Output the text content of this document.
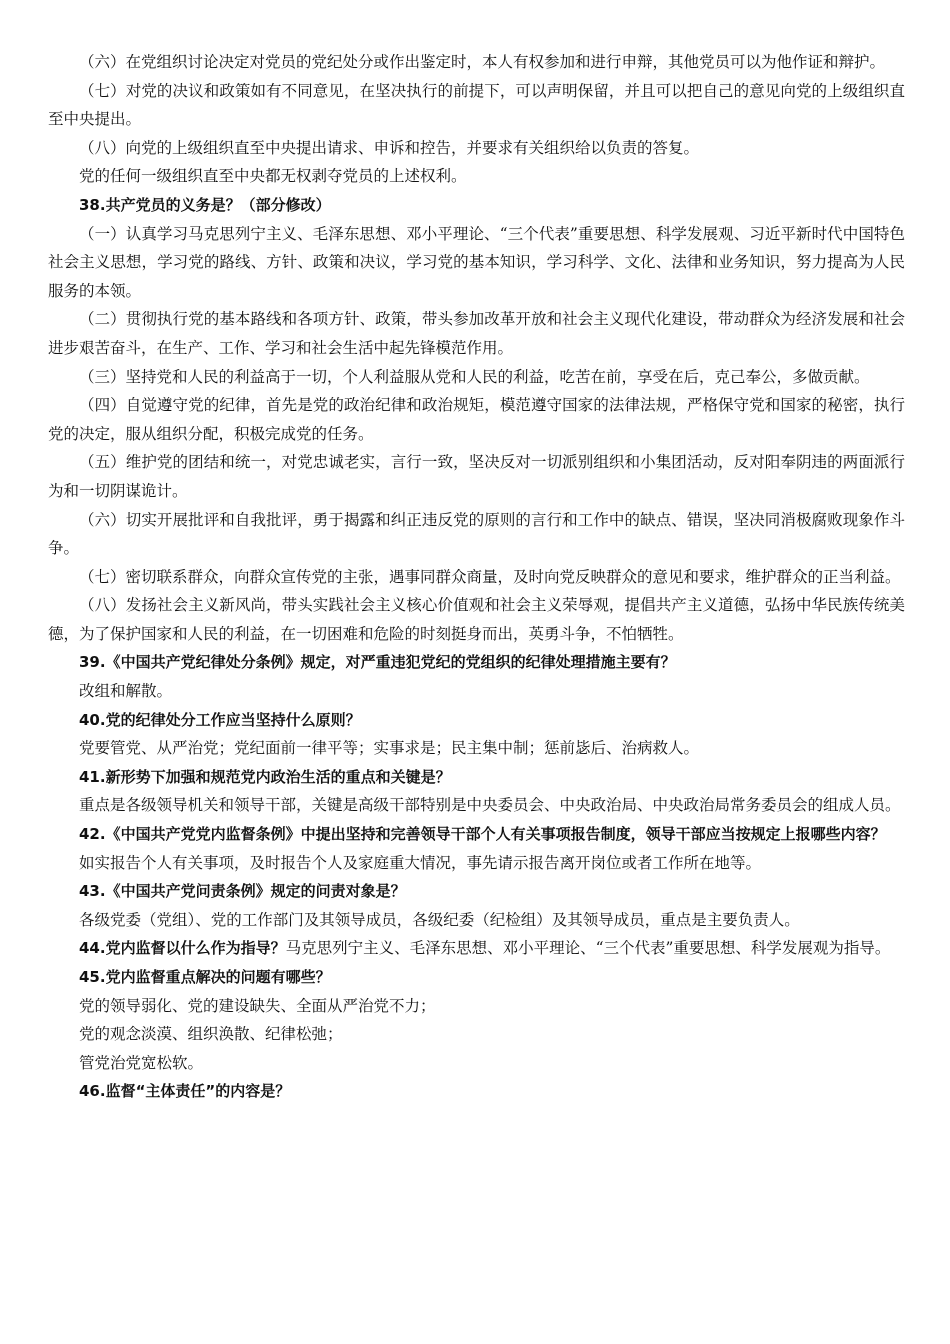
（六）在党组织讨论决定对党员的党纪处分或作出鉴定时，本人有权参加和进行申辩，其他党员可以为他作证和辩护。

（七）对党的决议和政策如有不同意见，在坚决执行的前提下，可以声明保留，并且可以把自己的意见向党的上级组织直至中央提出。

（八）向党的上级组织直至中央提出请求、申诉和控告，并要求有关组织给以负责的答复。

党的任何一级组织直至中央都无权剥夺党员的上述权利。

38.共产党员的义务是？（部分修改）

（一）认真学习马克思列宁主义、毛泽东思想、邓小平理论、“三个代表”重要思想、科学发展观、习近平新时代中国特色社会主义思想，学习党的路线、方针、政策和决议，学习党的基本知识，学习科学、文化、法律和业务知识，努力提高为人民服务的本领。

（二）贯彻执行党的基本路线和各项方针、政策，带头参加改革开放和社会主义现代化建设，带动群众为经济发展和社会进步艰苦奋斗，在生产、工作、学习和社会生活中起先锋模范作用。

（三）坚持党和人民的利益高于一切，个人利益服从党和人民的利益，吃苦在前，享受在后，克己奉公，多做贡献。

（四）自觉遵守党的纪律，首先是党的政治纪律和政治规矩，模范遵守国家的法律法规，严格保守党和国家的秘密，执行党的决定，服从组织分配，积极完成党的任务。

（五）维护党的团结和统一，对党忠诚老实，言行一致，坚决反对一切派别组织和小集团活动，反对阳奉阴违的两面派行为和一切阴谋诡计。

（六）切实开展批评和自我批评，勇于揭露和纠正违反党的原则的言行和工作中的缺点、错误，坚决同消极腐败现象作斗争。

（七）密切联系群众，向群众宣传党的主张，遇事同群众商量，及时向党反映群众的意见和要求，维护群众的正当利益。

（八）发扬社会主义新风尚，带头实践社会主义核心价值观和社会主义荣辱观，提倡共产主义道德，弘扬中华民族传统美德，为了保护国家和人民的利益，在一切困难和危险的时刻挺身而出，英勇斗争，不怕牺牲。

39.《中国共产党纪律处分条例》规定，对严重违犯党纪的党组织的纪律处理措施主要有？

改组和解散。

40.党的纪律处分工作应当坚持什么原则？

党要管党、从严治党；党纪面前一律平等；实事求是；民主集中制；惩前毖后、治病救人。

41.新形势下加强和规范党内政治生活的重点和关键是？

重点是各级领导机关和领导干部，关键是高级干部特别是中央委员会、中央政治局、中央政治局常务委员会的组成人员。

42.《中国共产党党内监督条例》中提出坚持和完善领导干部个人有关事项报告制度，领导干部应当按规定上报哪些内容？

如实报告个人有关事项，及时报告个人及家庭重大情况，事先请示报告离开岗位或者工作所在地等。

43.《中国共产党问责条例》规定的问责对象是？

各级党委（党组）、党的工作部门及其领导成员，各级纪委（纪检组）及其领导成员，重点是主要负责人。

44.党内监督以什么作为指导？马克思列宁主义、毛泽东思想、邓小平理论、“三个代表”重要思想、科学发展观为指导。

45.党内监督重点解决的问题有哪些？

党的领导弱化、党的建设缺失、全面从严治党不力；

党的观念淡漠、组织涣散、纪律松弛；

管党治党宽松软。

46.监督“主体责任”的内容是？
